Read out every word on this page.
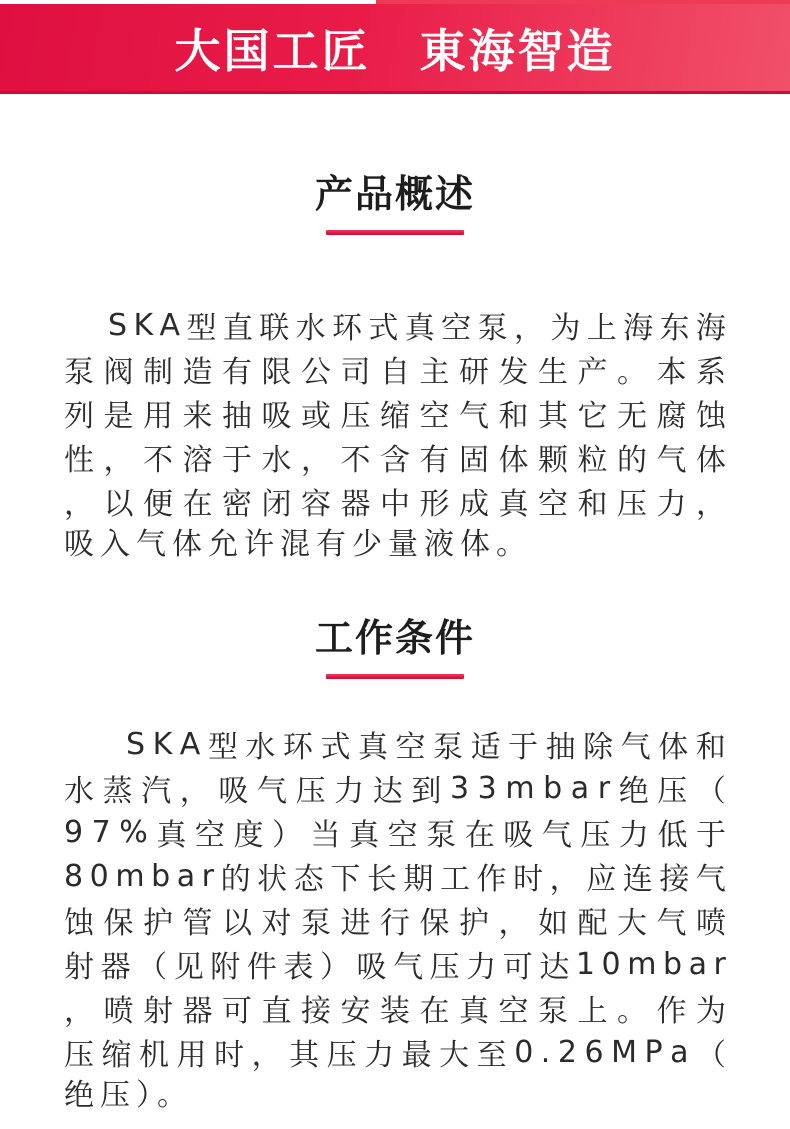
大国工匠　東海智造
产品概述
S K A 型 直 联 水 环 式 真 空 泵 ， 为 上 海 东 海
泵 阀 制 造 有 限 公 司 自 主 研 发 生 产 。 本 系
列 是 用 来 抽 吸 或 压 缩 空 气 和 其 它 无 腐 蚀
性 ， 不 溶 于 水 ， 不 含 有 固 体 颗 粒 的 气 体
， 以 便 在 密 闭 容 器 中 形 成 真 空 和 压 力 ，
吸入气体允许混有少量液体。
工作条件
S K A 型 水 环 式 真 空 泵 适 于 抽 除 气 体 和
水 蒸 汽 ， 吸 气 压 力 达 到 3 3 m b a r 绝 压 （
9 7 % 真 空 度 ） 当 真 空 泵 在 吸 气 压 力 低 于
8 0 m b a r 的 状 态 下 长 期 工 作 时 ， 应 连 接 气
蚀 保 护 管 以 对 泵 进 行 保 护 ， 如 配 大 气 喷
射 器 （ 见 附 件 表 ） 吸 气 压 力 可 达 1 0 m b a r
， 喷 射 器 可 直 接 安 装 在 真 空 泵 上 。 作 为
压 缩 机 用 时 ， 其 压 力 最 大 至 0 . 2 6 M P a （
绝压）。
